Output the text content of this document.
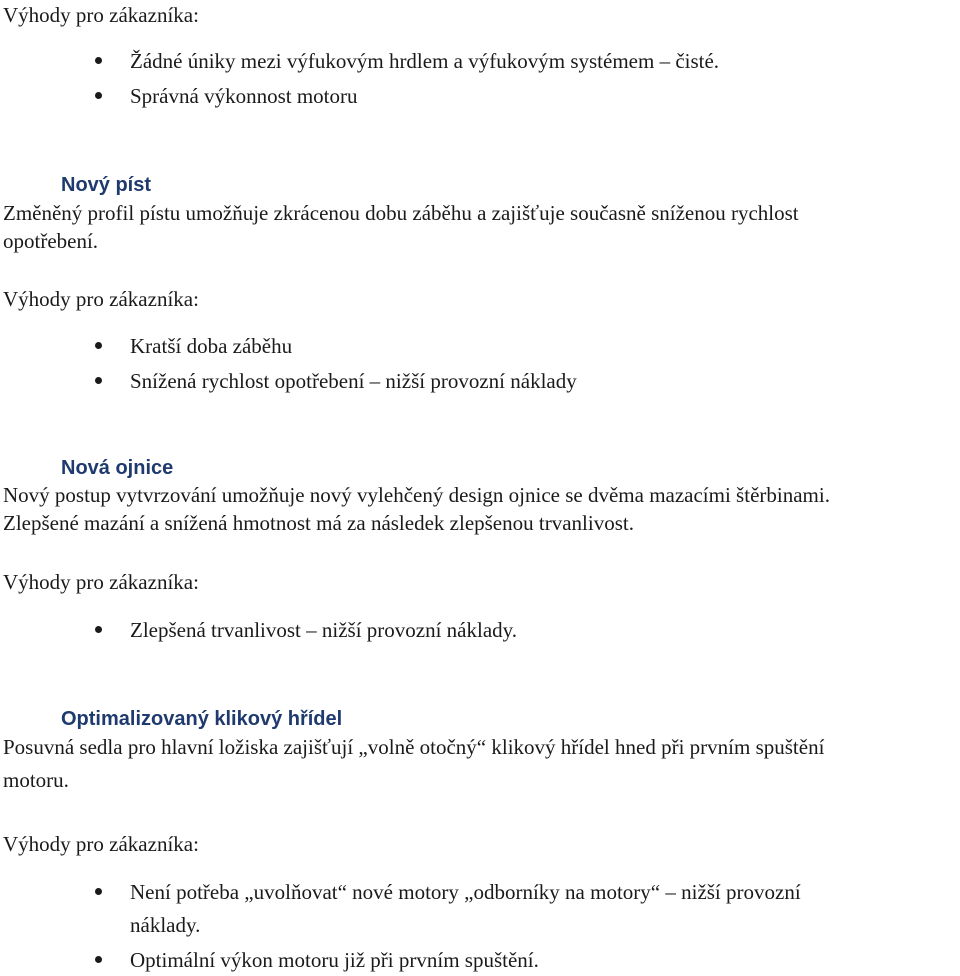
Výhody pro zákazníka:
Žádné úniky mezi výfukovým hrdlem a výfukovým systémem – čisté.
Správná výkonnost motoru
Nový píst
Změněný profil pístu umožňuje zkrácenou dobu záběhu a zajišťuje současně sníženou rychlost
opotřebení.
Výhody pro zákazníka:
Kratší doba záběhu
Snížená rychlost opotřebení – nižší provozní náklady
Nová ojnice
Nový postup vytvrzování umožňuje nový vylehčený design ojnice se dvěma mazacími štěrbinami.
Zlepšené mazání a snížená hmotnost má za následek zlepšenou trvanlivost.
Výhody pro zákazníka:
Zlepšená trvanlivost – nižší provozní náklady.
Optimalizovaný klikový hřídel
Posuvná sedla pro hlavní ložiska zajišťují „volně otočný“ klikový hřídel hned při prvním spuštění
motoru.
Výhody pro zákazníka:
Není potřeba „uvolňovat“ nové motory „odborníky na motory“ – nižší provozní
náklady.
Optimální výkon motoru již při prvním spuštění.
